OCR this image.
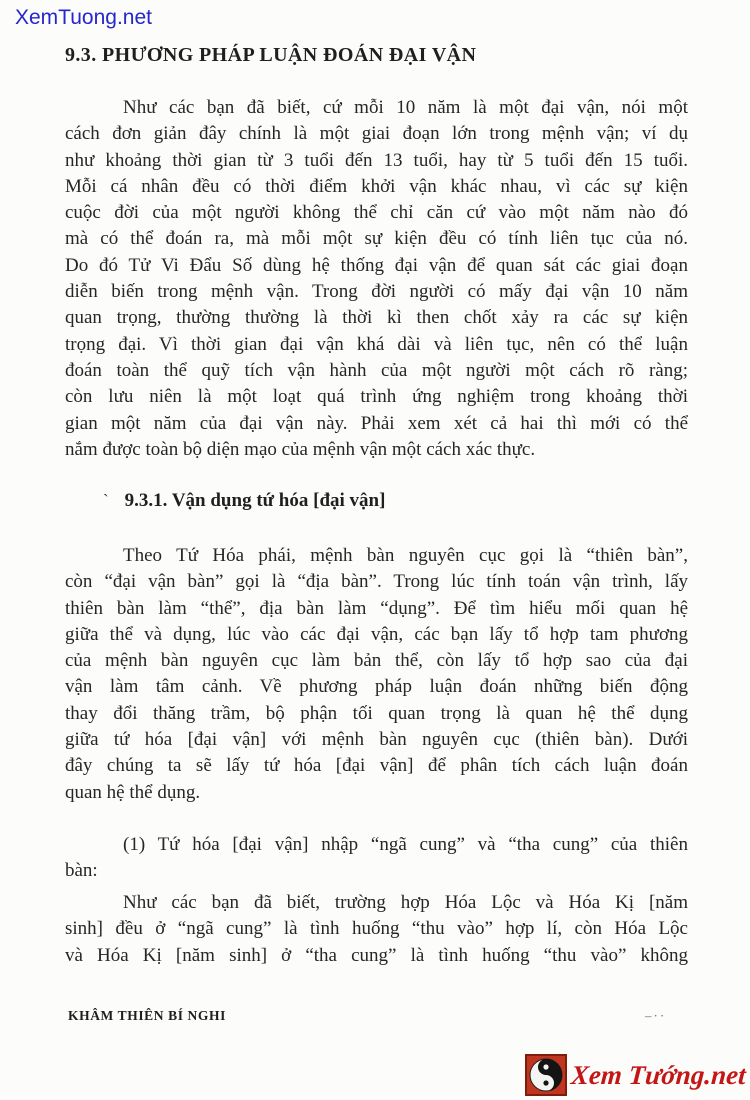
XemTuong.net
9.3. PHƯƠNG PHÁP LUẬN ĐOÁN ĐẠI VẬN
Như các bạn đã biết, cứ mỗi 10 năm là một đại vận, nói một
cách đơn giản đây chính là một giai đoạn lớn trong mệnh vận; ví dụ
như khoảng thời gian từ 3 tuổi đến 13 tuổi, hay từ 5 tuổi đến 15 tuổi.
Mỗi cá nhân đều có thời điểm khởi vận khác nhau, vì các sự kiện
cuộc đời của một người không thể chỉ căn cứ vào một năm nào đó
mà có thể đoán ra, mà mỗi một sự kiện đều có tính liên tục của nó.
Do đó Tử Vi Đẩu Số dùng hệ thống đại vận để quan sát các giai đoạn
diễn biến trong mệnh vận. Trong đời người có mấy đại vận 10 năm
quan trọng, thường thường là thời kì then chốt xảy ra các sự kiện
trọng đại. Vì thời gian đại vận khá dài và liên tục, nên có thể luận
đoán toàn thể quỹ tích vận hành của một người một cách rõ ràng;
còn lưu niên là một loạt quá trình ứng nghiệm trong khoảng thời
gian một năm của đại vận này. Phải xem xét cả hai thì mới có thể
nắm được toàn bộ diện mạo của mệnh vận một cách xác thực.
` 9.3.1. Vận dụng tứ hóa [đại vận]
Theo Tứ Hóa phái, mệnh bàn nguyên cục gọi là “thiên bàn”,
còn “đại vận bàn” gọi là “địa bàn”. Trong lúc tính toán vận trình, lấy
thiên bàn làm “thể”, địa bàn làm “dụng”. Để tìm hiểu mối quan hệ
giữa thể và dụng, lúc vào các đại vận, các bạn lấy tổ hợp tam phương
của mệnh bàn nguyên cục làm bản thể, còn lấy tổ hợp sao của đại
vận làm tâm cảnh. Về phương pháp luận đoán những biến động
thay đổi thăng trầm, bộ phận tối quan trọng là quan hệ thể dụng
giữa tứ hóa [đại vận] với mệnh bàn nguyên cục (thiên bàn). Dưới
đây chúng ta sẽ lấy tứ hóa [đại vận] để phân tích cách luận đoán
quan hệ thể dụng.
(1) Tứ hóa [đại vận] nhập “ngã cung” và “tha cung” của thiên
bàn:
Như các bạn đã biết, trường hợp Hóa Lộc và Hóa Kị [năm
sinh] đều ở “ngã cung” là tình huống “thu vào” hợp lí, còn Hóa Lộc
và Hóa Kị [năm sinh] ở “tha cung” là tình huống “thu vào” không
KHÂM THIÊN BÍ NGHI	–··
Xem Tướng.net
